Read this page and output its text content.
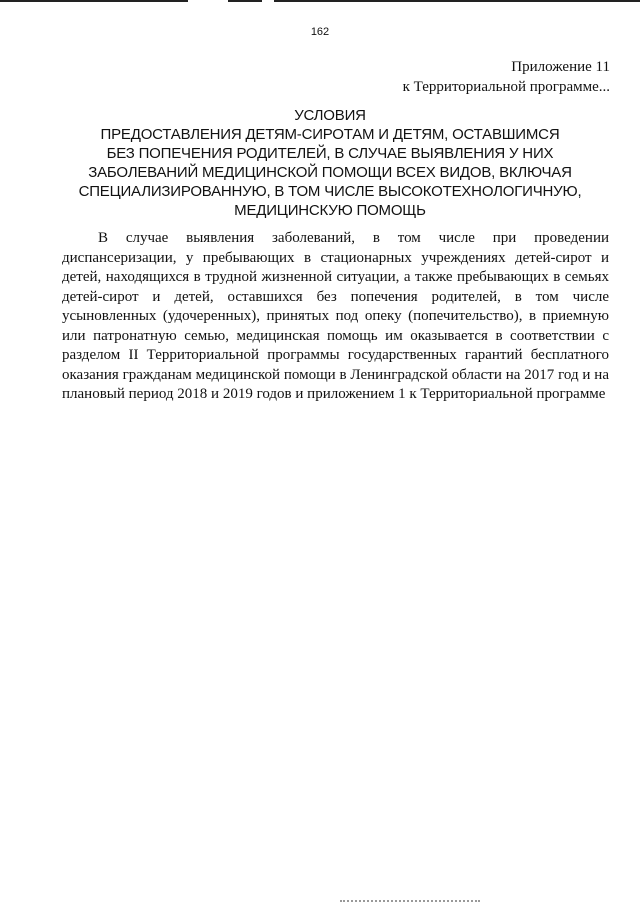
162
Приложение 11
к Территориальной программе...
УСЛОВИЯ
ПРЕДОСТАВЛЕНИЯ ДЕТЯМ-СИРОТАМ И ДЕТЯМ, ОСТАВШИМСЯ
БЕЗ ПОПЕЧЕНИЯ РОДИТЕЛЕЙ, В СЛУЧАЕ ВЫЯВЛЕНИЯ У НИХ
ЗАБОЛЕВАНИЙ МЕДИЦИНСКОЙ ПОМОЩИ ВСЕХ ВИДОВ, ВКЛЮЧАЯ
СПЕЦИАЛИЗИРОВАННУЮ, В ТОМ ЧИСЛЕ ВЫСОКОТЕХНОЛОГИЧНУЮ,
МЕДИЦИНСКУЮ ПОМОЩЬ

В случае выявления заболеваний, в том числе при проведении диспансеризации, у пребывающих в стационарных учреждениях детей-сирот и детей, находящихся в трудной жизненной ситуации, а также пребывающих в семьях детей-сирот и детей, оставшихся без попечения родителей, в том числе усыновленных (удочеренных), принятых под опеку (попечительство), в приемную или патронатную семью, медицинская помощь им оказывается в соответствии с разделом II Территориальной программы государственных гарантий бесплатного оказания гражданам медицинской помощи в Ленинградской области на 2017 год и на плановый период 2018 и 2019 годов и приложением 1 к Территориальной программе
